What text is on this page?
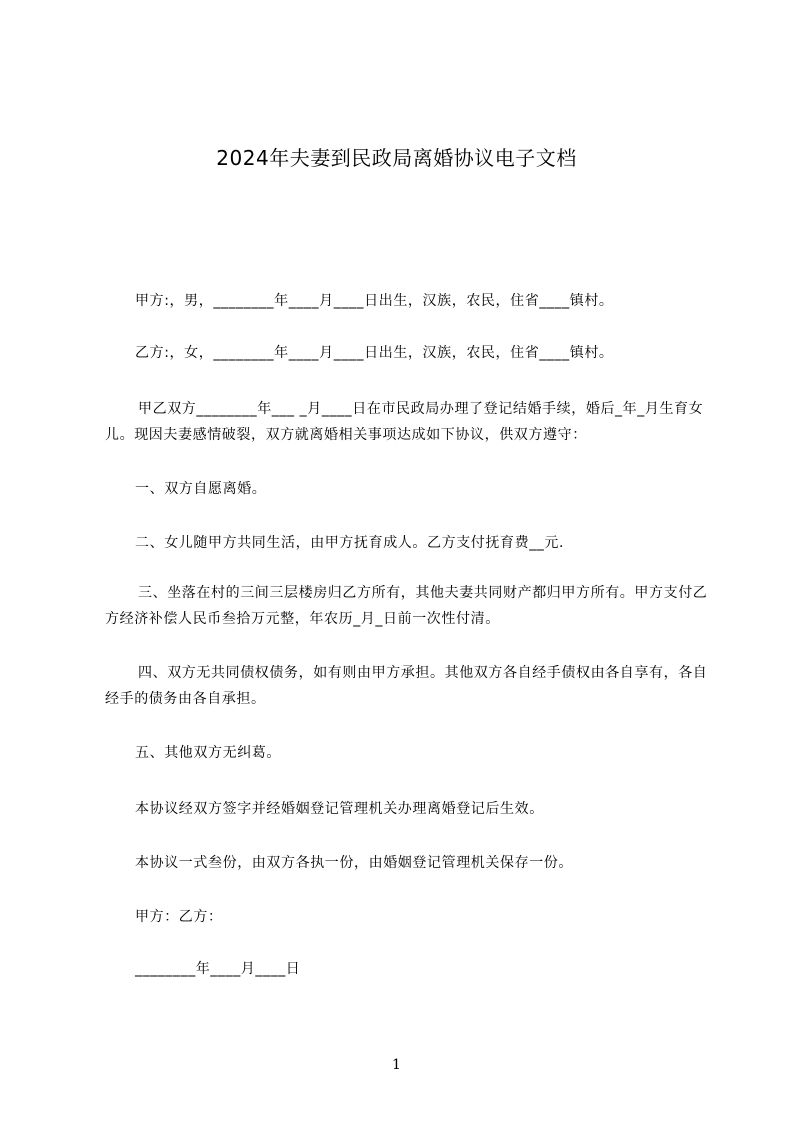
2024年夫妻到民政局离婚协议电子文档
甲方:，男，________年____月____日出生，汉族，农民，住省____镇村。
乙方:，女，________年____月____日出生，汉族，农民，住省____镇村。
甲乙双方________年___ _月____日在市民政局办理了登记结婚手续，婚后_年_月生育女儿。现因夫妻感情破裂，双方就离婚相关事项达成如下协议，供双方遵守：
一、双方自愿离婚。
二、女儿随甲方共同生活，由甲方抚育成人。乙方支付抚育费__元.
三、坐落在村的三间三层楼房归乙方所有，其他夫妻共同财产都归甲方所有。甲方支付乙方经济补偿人民币叁拾万元整，年农历_月_日前一次性付清。
四、双方无共同债权债务，如有则由甲方承担。其他双方各自经手债权由各自享有，各自经手的债务由各自承担。
五、其他双方无纠葛。
本协议经双方签字并经婚姻登记管理机关办理离婚登记后生效。
本协议一式叁份，由双方各执一份，由婚姻登记管理机关保存一份。
甲方：乙方：
________年____月____日
1
